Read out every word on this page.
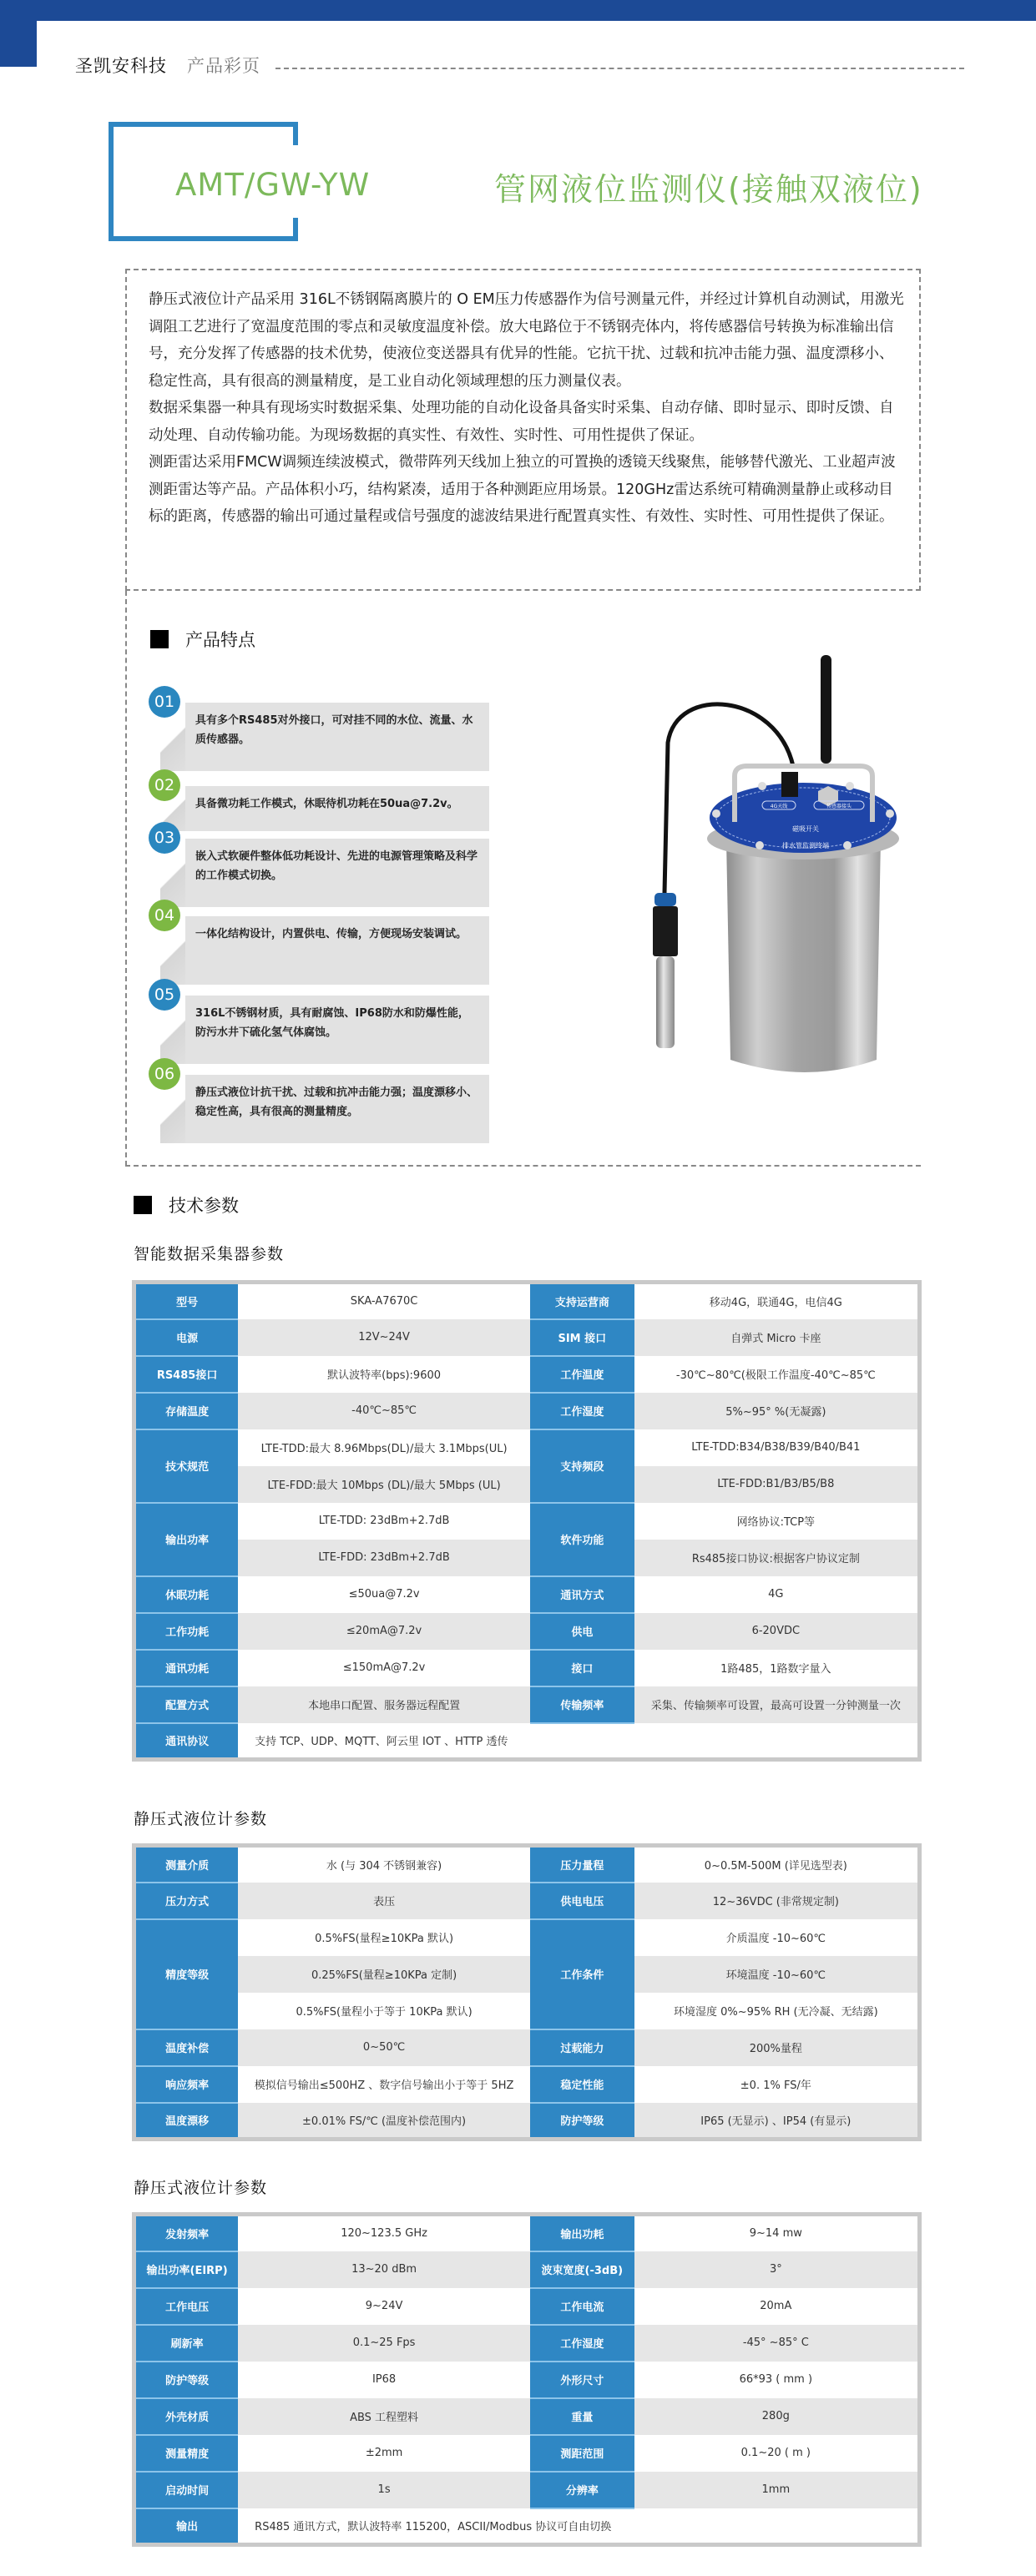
圣凯安科技 产品彩页
AMT/GW-YW	管网液位监测仪(接触双液位)

静压式液位计产品采用 316L不锈钢隔离膜片的 O EM压力传感器作为信号测量元件，并经过计算机自动测试，用激光调阻工艺进行了宽温度范围的零点和灵敏度温度补偿。放大电路位于不锈钢壳体内，将传感器信号转换为标准输出信号，充分发挥了传感器的技术优势，使液位变送器具有优异的性能。它抗干扰、过载和抗冲击能力强、温度漂移小、稳定性高，具有很高的测量精度，是工业自动化领域理想的压力测量仪表。

数据采集器一种具有现场实时数据采集、处理功能的自动化设备具备实时采集、自动存储、即时显示、即时反馈、自动处理、自动传输功能。为现场数据的真实性、有效性、实时性、可用性提供了保证。

测距雷达采用FMCW调频连续波模式，微带阵列天线加上独立的可置换的透镜天线聚焦，能够替代激光、工业超声波测距雷达等产品。产品体积小巧，结构紧凑，适用于各种测距应用场景。120GHz雷达系统可精确测量静止或移动目标的距离，传感器的输出可通过量程或信号强度的滤波结果进行配置真实性、有效性、实时性、可用性提供了保证。

产品特点
具有多个RS485对外接口，可对挂不同的水位、流量、水质传感器。
01
具备微功耗工作模式，休眠待机功耗在50ua@7.2v。
02
嵌入式软硬件整体低功耗设计、先进的电源管理策略及科学的工作模式切换。
03
一体化结构设计，内置供电、传输，方便现场安装调试。
04
316L不锈钢材质，具有耐腐蚀、IP68防水和防爆性能，防污水井下硫化氢气体腐蚀。
05
静压式液位计抗干扰、过载和抗冲击能力强；温度漂移小、稳定性高，具有很高的测量精度。
06
4G天线	传感器接头
磁吸开关
排水管监测终端
技术参数
智能数据采集器参数
型号	SKA-A7670C	支持运营商	移动4G，联通4G，电信4G
电源	12V~24V	SIM 接口	自弹式 Micro 卡座
RS485接口	默认波特率(bps):9600	工作温度	-30℃~80℃(极限工作温度-40℃~85℃
存储温度	-40℃~85℃	工作湿度	5%~95° %(无凝露)
技术规范	LTE-TDD:最大 8.96Mbps(DL)/最大 3.1Mbps(UL)	支持频段	LTE-TDD:B34/B38/B39/B40/B41
	LTE-FDD:最大 10Mbps (DL)/最大 5Mbps (UL)		LTE-FDD:B1/B3/B5/B8
输出功率	LTE-TDD: 23dBm+2.7dB	软件功能	网络协议:TCP等
	LTE-FDD: 23dBm+2.7dB		Rs485接口协议:根据客户协议定制
休眠功耗	≤50ua@7.2v	通讯方式	4G
工作功耗	≤20mA@7.2v	供电	6-20VDC
通讯功耗	≤150mA@7.2v	接口	1路485，1路数字量入
配置方式	本地串口配置、服务器远程配置	传输频率	采集、传输频率可设置，最高可设置一分钟测量一次
通讯协议	支持 TCP、UDP、MQTT、阿云里 IOT 、HTTP 透传		
静压式液位计参数
测量介质	水 (与 304 不锈钢兼容)	压力量程	0~0.5M-500M (详见选型表)
压力方式	表压	供电电压	12~36VDC (非常规定制)
精度等级	0.5%FS(量程≥10KPa 默认)	工作条件	介质温度 -10~60℃
	0.25%FS(量程≥10KPa 定制)		环境温度 -10~60℃
	0.5%FS(量程小于等于 10KPa 默认)		环境湿度 0%~95% RH (无冷凝、无结露)
温度补偿	0~50℃	过载能力	200%量程
响应频率	模拟信号输出≤500HZ 、数字信号输出小于等于 5HZ	稳定性能	±0. 1% FS/年
温度漂移	±0.01% FS/℃ (温度补偿范围内)	防护等级	IP65 (无显示) 、IP54 (有显示)
静压式液位计参数
发射频率	120~123.5 GHz	输出功耗	9~14 mw
输出功率(EIRP)	13~20 dBm	波束宽度(-3dB)	3°
工作电压	9~24V	工作电流	20mA
刷新率	0.1~25 Fps	工作湿度	-45° ~85° C
防护等级	IP68	外形尺寸	66*93 ( mm )
外壳材质	ABS 工程塑料	重量	280g
测量精度	±2mm	测距范围	0.1~20 ( m )
启动时间	1s	分辨率	1mm
输出	RS485 通讯方式，默认波特率 115200，ASCII/Modbus 协议可自由切换		
